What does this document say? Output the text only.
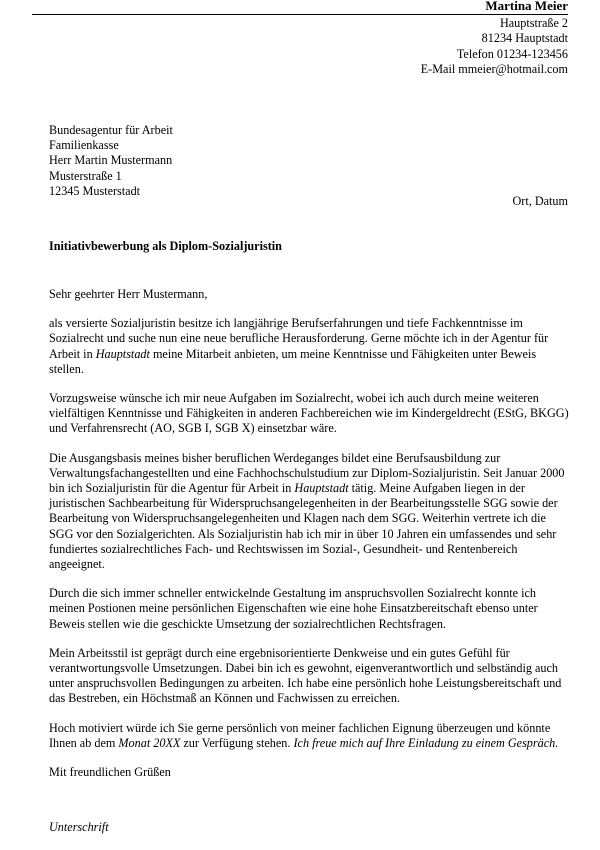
Martina Meier
Hauptstraße 2
81234 Hauptstadt
Telefon 01234-123456
E-Mail mmeier@hotmail.com
Bundesagentur für Arbeit
Familienkasse
Herr Martin Mustermann
Musterstraße 1
12345 Musterstadt
Ort, Datum
Initiativbewerbung als Diplom-Sozialjuristin

Sehr geehrter Herr Mustermann,

als versierte Sozialjuristin besitze ich langjährige Berufserfahrungen und tiefe Fachkenntnisse im Sozialrecht und suche nun eine neue berufliche Herausforderung. Gerne möchte ich in der Agentur für Arbeit in Hauptstadt meine Mitarbeit anbieten, um meine Kenntnisse und Fähigkeiten unter Beweis stellen.

Vorzugsweise wünsche ich mir neue Aufgaben im Sozialrecht, wobei ich auch durch meine weiteren vielfältigen Kenntnisse und Fähigkeiten in anderen Fachbereichen wie im Kindergeldrecht (EStG, BKGG) und Verfahrensrecht (AO, SGB I, SGB X) einsetzbar wäre.

Die Ausgangsbasis meines bisher beruflichen Werdeganges bildet eine Berufsausbildung zur Verwaltungsfachangestellten und eine Fachhochschulstudium zur Diplom-Sozialjuristin. Seit Januar 2000 bin ich Sozialjuristin für die Agentur für Arbeit in Hauptstadt tätig. Meine Aufgaben liegen in der juristischen Sachbearbeitung für Widerspruchsangelegenheiten in der Bearbeitungsstelle SGG sowie der Bearbeitung von Widerspruchsangelegenheiten und Klagen nach dem SGG. Weiterhin vertrete ich die SGG vor den Sozialgerichten. Als Sozialjuristin hab ich mir in über 10 Jahren ein umfassendes und sehr fundiertes sozialrechtliches Fach- und Rechtswissen im Sozial-, Gesundheit- und Rentenbereich angeeignet.

Durch die sich immer schneller entwickelnde Gestaltung im anspruchsvollen Sozialrecht konnte ich meinen Postionen meine persönlichen Eigenschaften wie eine hohe Einsatzbereitschaft ebenso unter Beweis stellen wie die geschickte Umsetzung der sozialrechtlichen Rechtsfragen.

Mein Arbeitsstil ist geprägt durch eine ergebnisorientierte Denkweise und ein gutes Gefühl für verantwortungsvolle Umsetzungen. Dabei bin ich es gewohnt, eigenverantwortlich und selbständig auch unter anspruchsvollen Bedingungen zu arbeiten. Ich habe eine persönlich hohe Leistungsbereitschaft und das Bestreben, ein Höchstmaß an Können und Fachwissen zu erreichen.

Hoch motiviert würde ich Sie gerne persönlich von meiner fachlichen Eignung überzeugen und könnte Ihnen ab dem Monat 20XX zur Verfügung stehen. Ich freue mich auf Ihre Einladung zu einem Gespräch.

Mit freundlichen Grüßen

Unterschrift
